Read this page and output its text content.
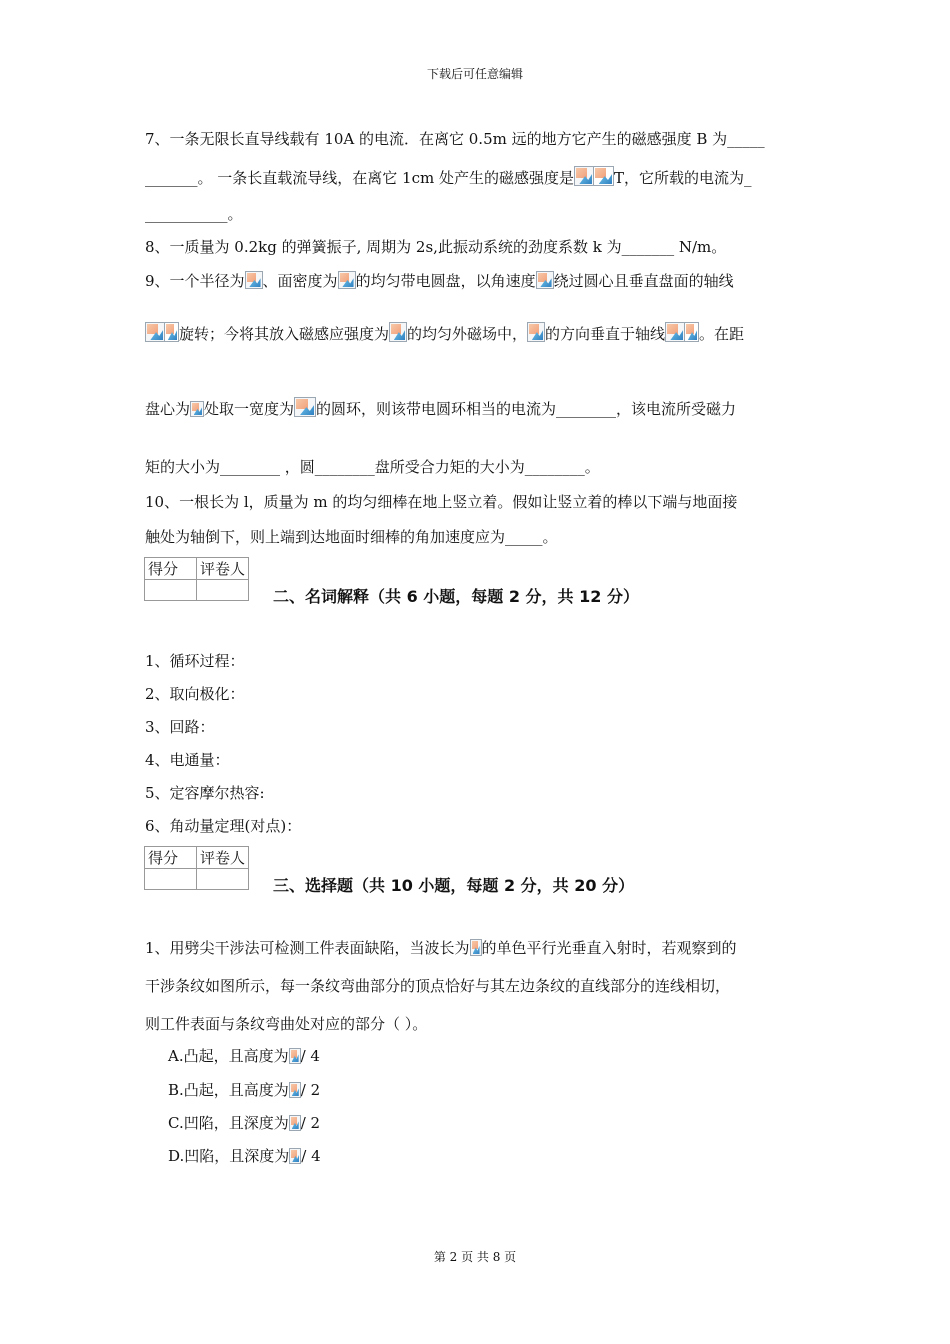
下载后可任意编辑
7、一条无限长直导线载有 10A 的电流．在离它 0.5m 远的地方它产生的磁感强度 B 为_____
_______。 一条长直载流导线，在离它 1cm 处产生的磁感强度是	T，它所载的电流为_
___________。
8、一质量为 0.2kg 的弹簧振子, 周期为 2s,此振动系统的劲度系数 k 为_______ N/m。
9、一个半径为 、面密度为 的均匀带电圆盘，以角速度 绕过圆心且垂直盘面的轴线
旋转；今将其放入磁感应强度为 的均匀外磁场中， 的方向垂直于轴线 。在距
盘心为 处取一宽度为 的圆环，则该带电圆环相当的电流为________，该电流所受磁力
矩的大小为________ ，圆________盘所受合力矩的大小为________。
10、一根长为 l，质量为 m 的均匀细棒在地上竖立着。假如让竖立着的棒以下端与地面接
触处为轴倒下，则上端到达地面时细棒的角加速度应为_____。
得分	评卷人

二、名词解释（共 6 小题，每题 2 分，共 12 分）
1、循环过程：
2、取向极化：
3、回路：
4、电通量：
5、定容摩尔热容:
6、角动量定理(对点)：
得分	评卷人

三、选择题（共 10 小题，每题 2 分，共 20 分）
1、用劈尖干涉法可检测工件表面缺陷，当波长为 的单色平行光垂直入射时，若观察到的
干涉条纹如图所示，每一条纹弯曲部分的顶点恰好与其左边条纹的直线部分的连线相切，
则工件表面与条纹弯曲处对应的部分（ ）。
A.凸起，且高度为 / 4
B.凸起，且高度为 / 2
C.凹陷，且深度为 / 2
D.凹陷，且深度为 / 4
第 2 页 共 8 页
